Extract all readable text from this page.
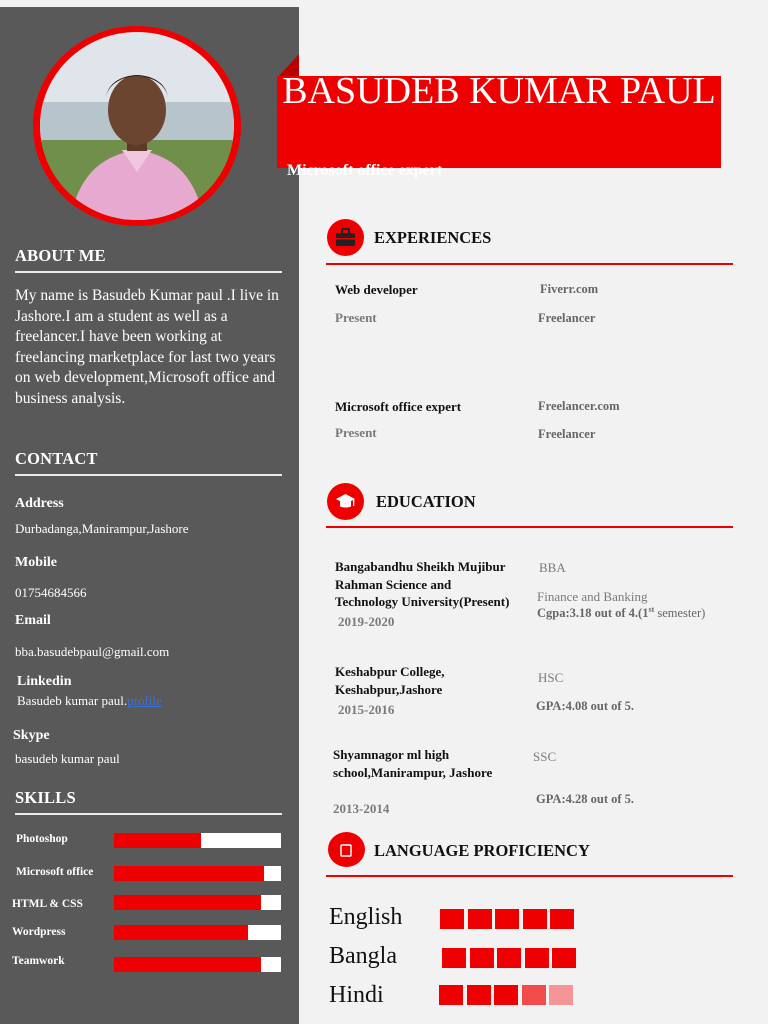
ABOUT ME
My name is Basudeb Kumar paul .I live in Jashore.I am a student as well as a freelancer.I have been working at freelancing marketplace for last two years on web development,Microsoft office and business analysis.
CONTACT
Address
Durbadanga,Manirampur,Jashore
Mobile
01754684566
Email
bba.basudebpaul@gmail.com
Linkedin
Basudeb kumar paul.profile
Skype
basudeb kumar paul
SKILLS
Photoshop
Microsoft office
HTML & CSS
Wordpress
Teamwork
BASUDEB KUMAR PAUL
Microsoft office expert
EXPERIENCES
Web developer
Present
Fiverr.com
Freelancer
Microsoft office expert
Present
Freelancer.com
Freelancer
EDUCATION
2019-2020
Bangabandhu Sheikh Mujibur Rahman Science and Technology University(Present)
BBA
Finance and Banking
Cgpa:3.18 out of 4.(1st semester)
Keshabpur College, Keshabpur,Jashore
2015-2016
HSC
GPA:4.08 out of 5.
Shyamnagor ml high school,Manirampur, Jashore
2013-2014
SSC
GPA:4.28 out of 5.
LANGUAGE PROFICIENCY
English
Bangla
Hindi
